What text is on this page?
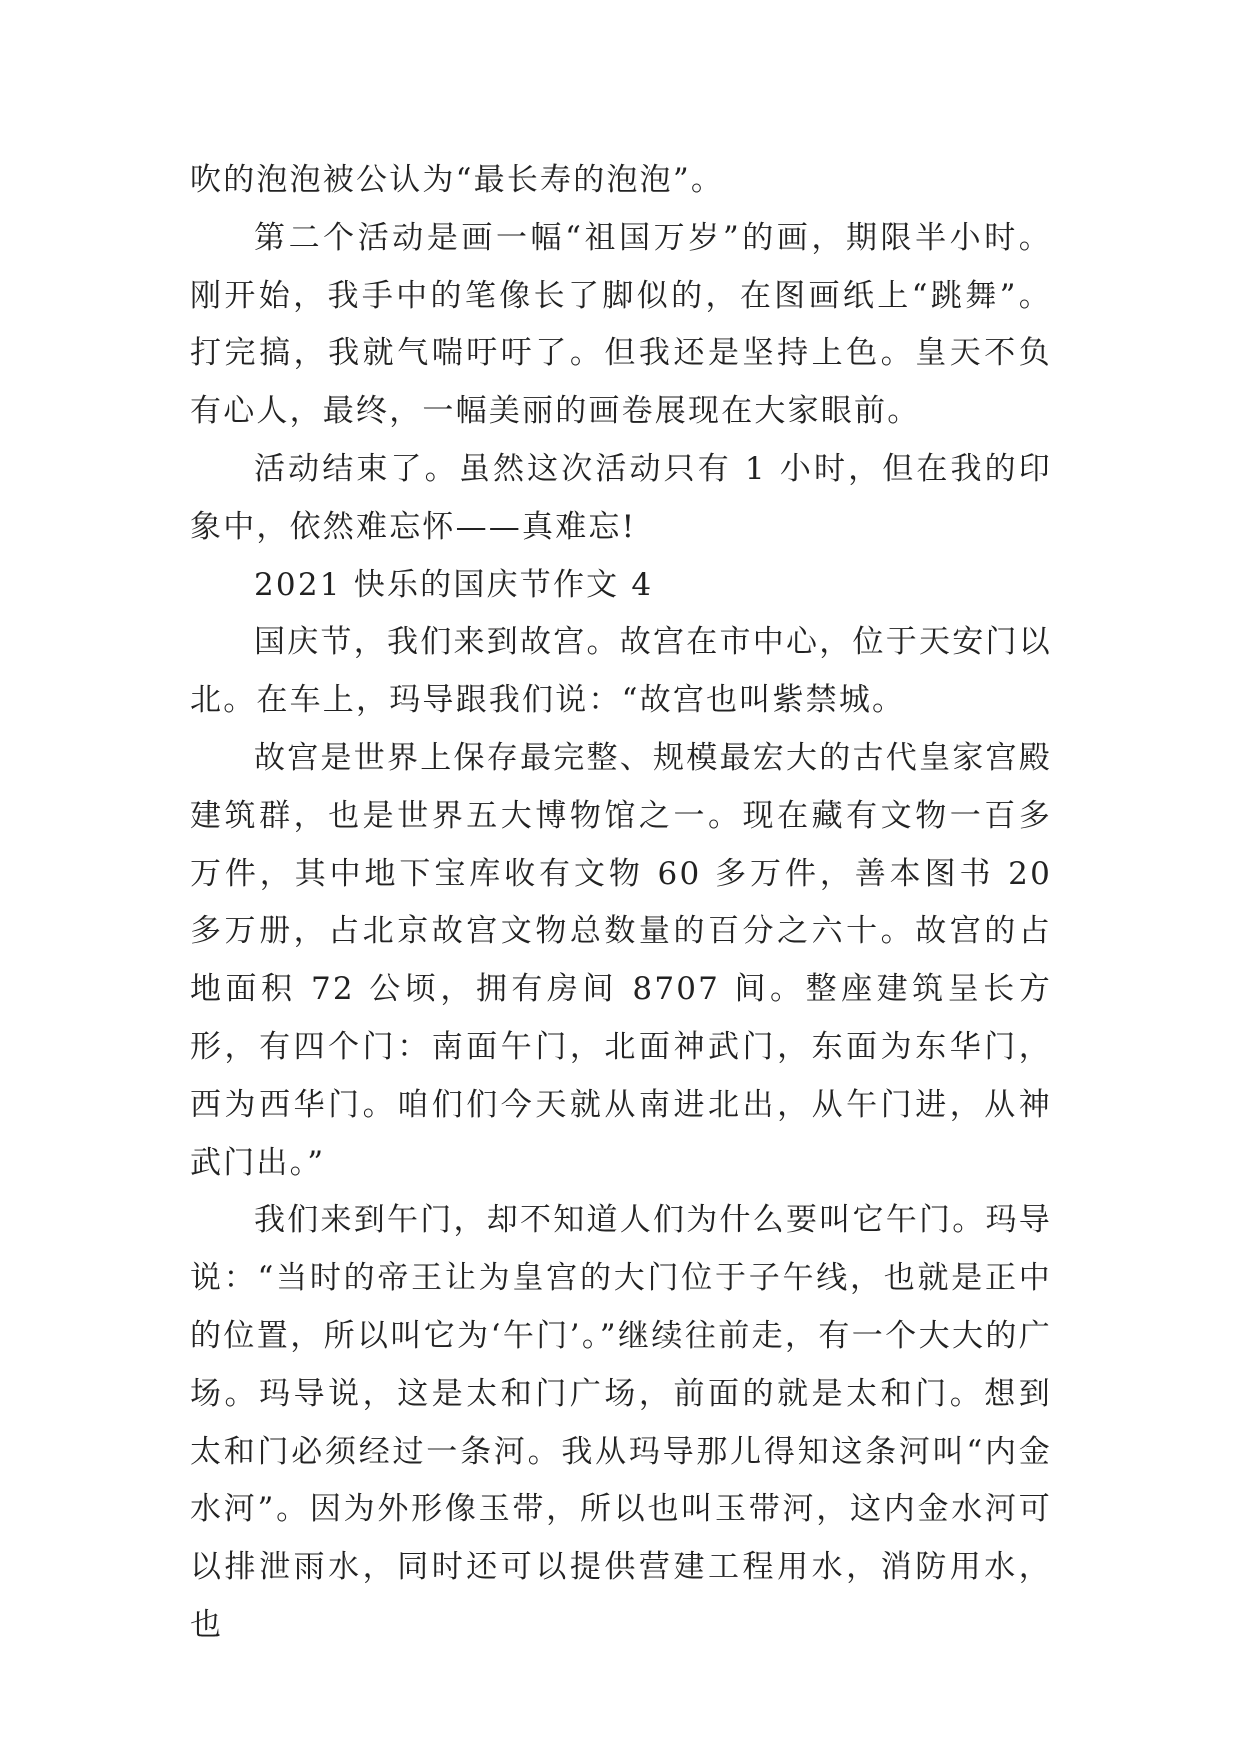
吹的泡泡被公认为“最长寿的泡泡”。

第二个活动是画一幅“祖国万岁”的画，期限半小时。刚开始，我手中的笔像长了脚似的，在图画纸上“跳舞”。打完搞，我就气喘吁吁了。但我还是坚持上色。皇天不负有心人，最终，一幅美丽的画卷展现在大家眼前。

活动结束了。虽然这次活动只有 1 小时，但在我的印象中，依然难忘怀——真难忘!

2021 快乐的国庆节作文 4

国庆节，我们来到故宫。故宫在市中心，位于天安门以北。在车上，玛导跟我们说：“故宫也叫紫禁城。

故宫是世界上保存最完整、规模最宏大的古代皇家宫殿建筑群，也是世界五大博物馆之一。现在藏有文物一百多万件，其中地下宝库收有文物 60 多万件，善本图书 20 多万册，占北京故宫文物总数量的百分之六十。故宫的占地面积 72 公顷，拥有房间 8707 间。整座建筑呈长方形，有四个门：南面午门，北面神武门，东面为东华门，西为西华门。咱们们今天就从南进北出，从午门进，从神武门出。”

我们来到午门，却不知道人们为什么要叫它午门。玛导说：“当时的帝王让为皇宫的大门位于子午线，也就是正中的位置，所以叫它为‘午门’。”继续往前走，有一个大大的广场。玛导说，这是太和门广场，前面的就是太和门。想到太和门必须经过一条河。我从玛导那儿得知这条河叫“内金水河”。因为外形像玉带，所以也叫玉带河，这内金水河可以排泄雨水，同时还可以提供营建工程用水，消防用水，也
